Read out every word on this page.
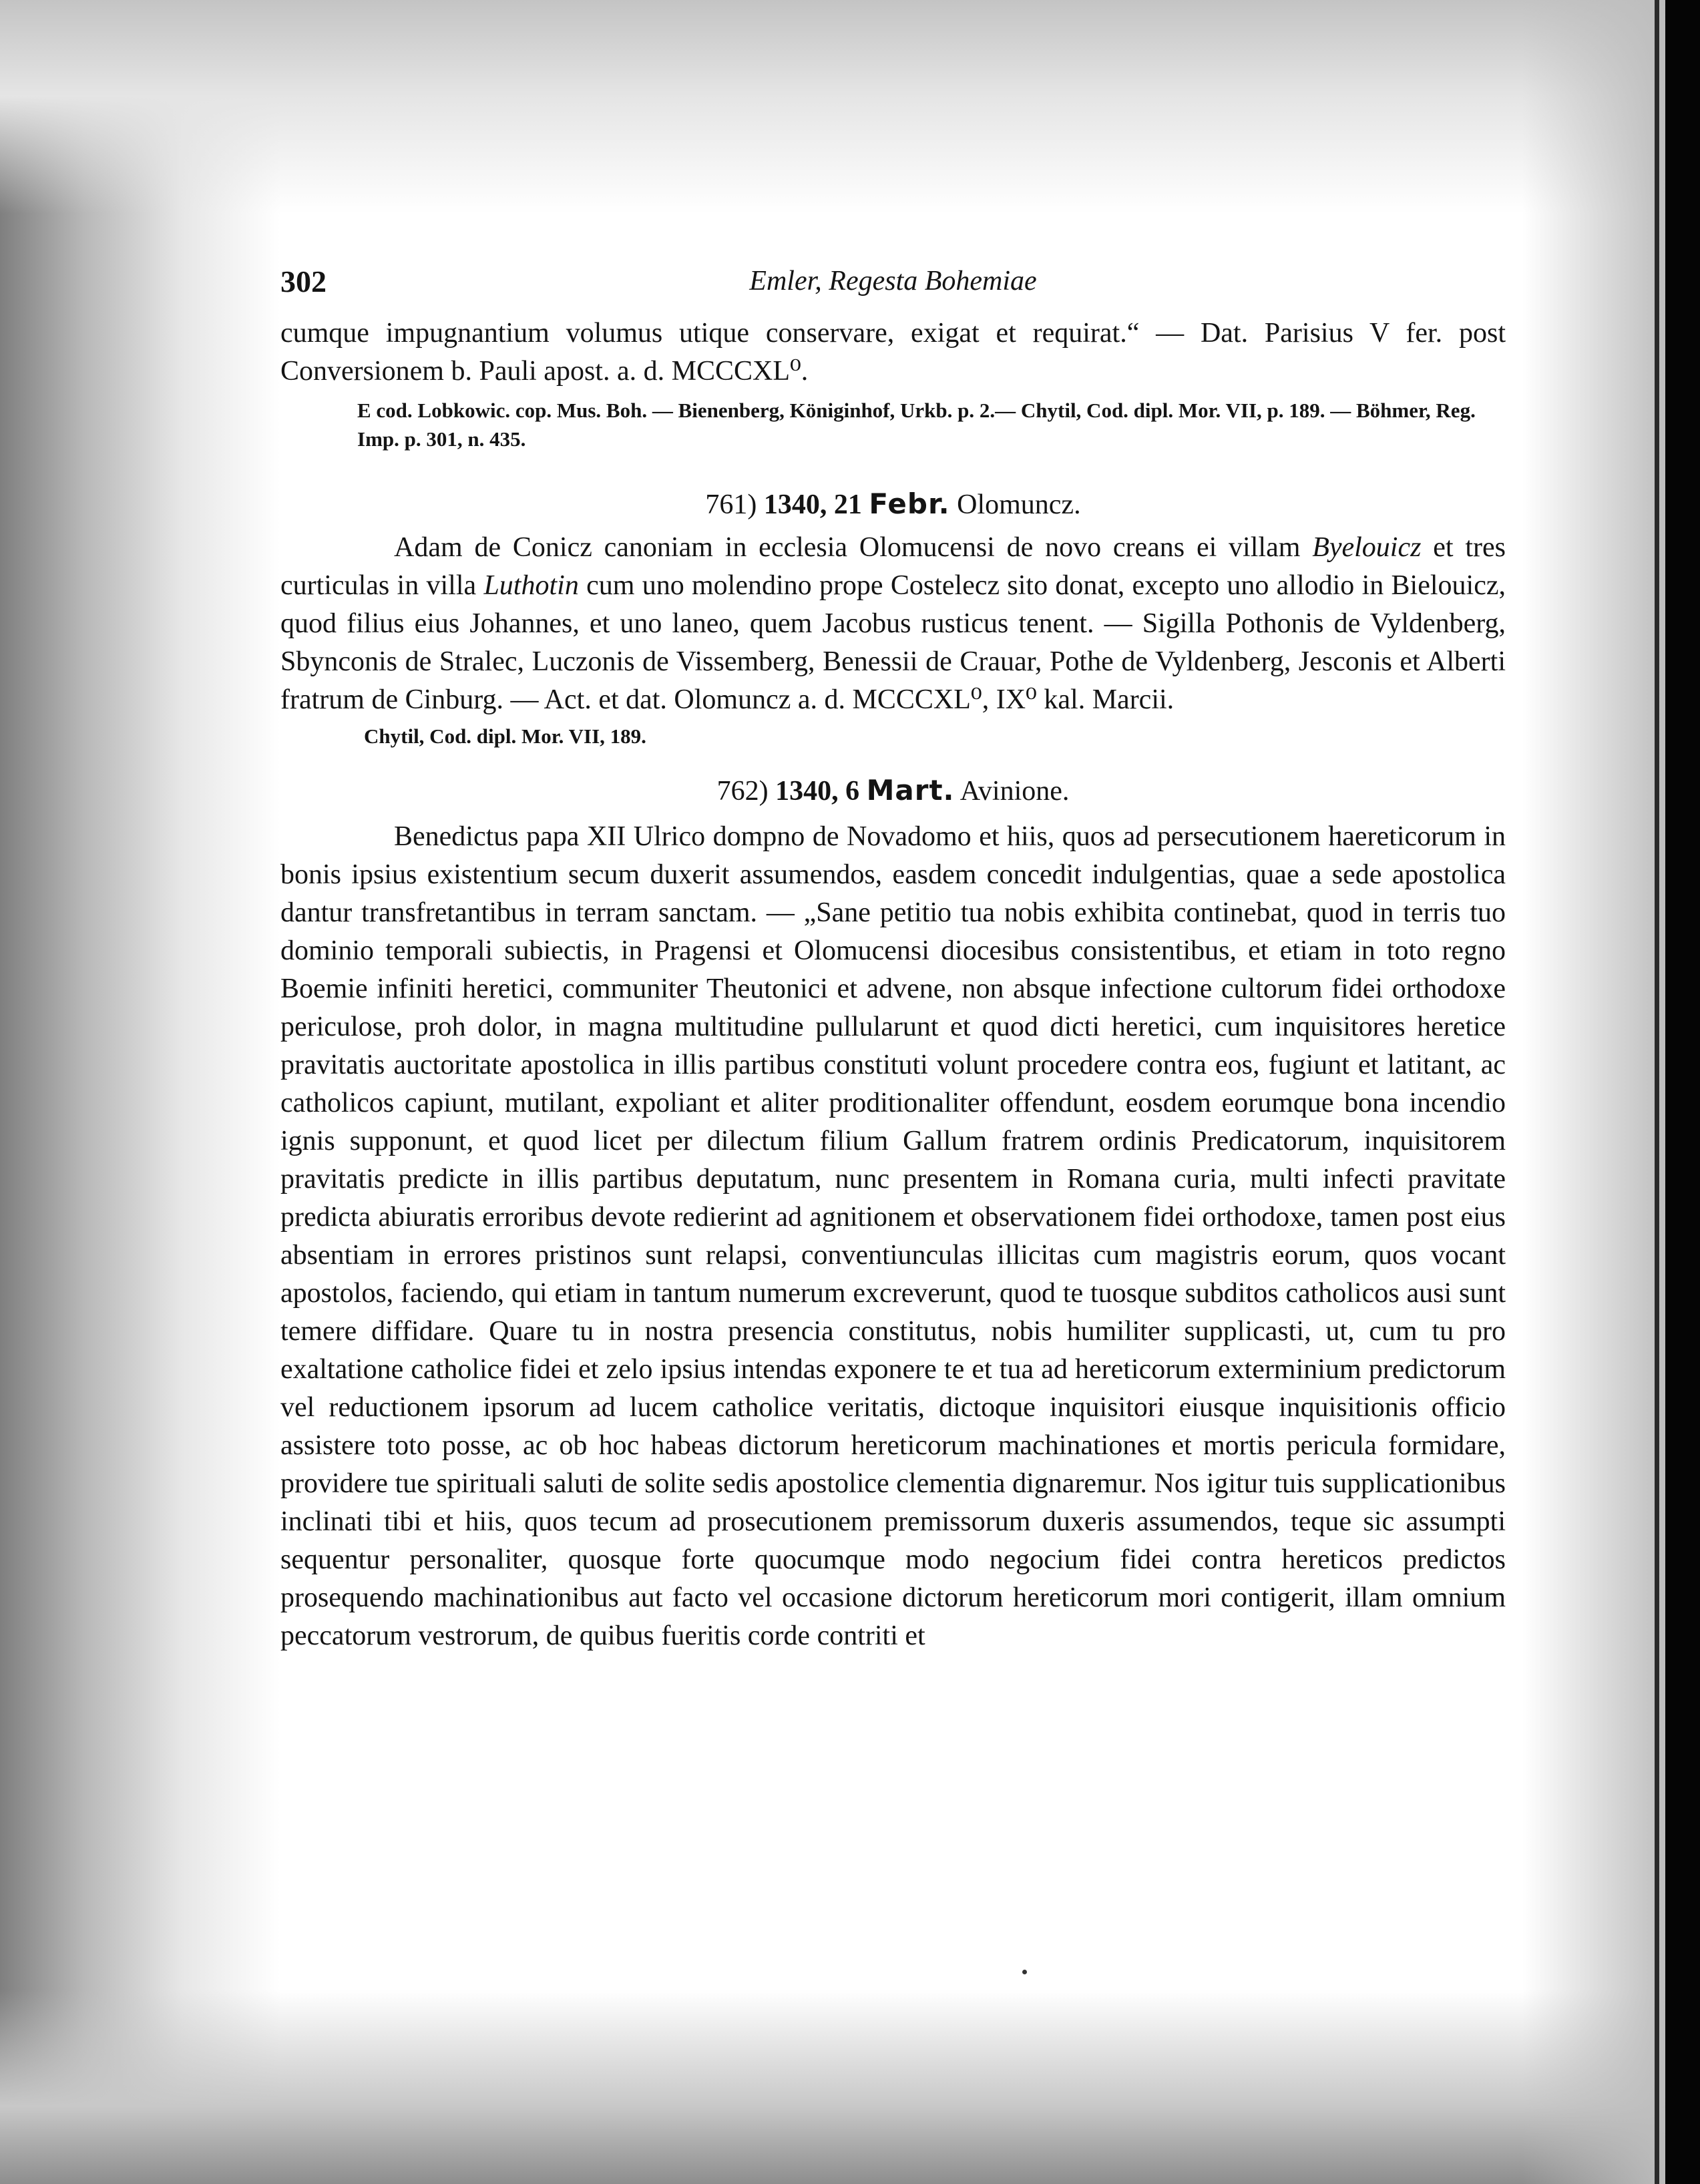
302	Emler, Regesta Bohemiae

cumque impugnantium volumus utique conservare, exigat et requirat.“ — Dat. Parisius V fer. post Conversionem b. Pauli apost. a. d. MCCCXL⁰.

E cod. Lobkowic. cop. Mus. Boh. — Bienenberg, Königinhof, Urkb. p. 2.— Chytil, Cod. dipl. Mor. VII, p. 189. — Böhmer, Reg. Imp. p. 301, n. 435.

761) 1340, 21 Febr. Olomuncz.

Adam de Conicz canoniam in ecclesia Olomucensi de novo creans ei villam Byelouicz et tres curticulas in villa Luthotin cum uno molendino prope Costelecz sito donat, excepto uno allodio in Bielouicz, quod filius eius Johannes, et uno laneo, quem Jacobus rusticus tenent. — Sigilla Pothonis de Vyldenberg, Sbynconis de Stralec, Luczonis de Vissemberg, Benessii de Crauar, Pothe de Vyldenberg, Jesconis et Alberti fratrum de Cinburg. — Act. et dat. Olomuncz a. d. MCCCXL⁰, IX⁰ kal. Marcii.

Chytil, Cod. dipl. Mor. VII, 189.

762) 1340, 6 Mart. Avinione.

Benedictus papa XII Ulrico dompno de Novadomo et hiis, quos ad persecutionem haereticorum in bonis ipsius existentium secum duxerit assumendos, easdem concedit indulgentias, quae a sede apostolica dantur transfretantibus in terram sanctam. — „Sane petitio tua nobis exhibita continebat, quod in terris tuo dominio temporali subiectis, in Pragensi et Olomucensi diocesibus consistentibus, et etiam in toto regno Boemie infiniti heretici, communiter Theutonici et advene, non absque infectione cultorum fidei orthodoxe periculose, proh dolor, in magna multitudine pullularunt et quod dicti heretici, cum inquisitores heretice pravitatis auctoritate apostolica in illis partibus constituti volunt procedere contra eos, fugiunt et latitant, ac catholicos capiunt, mutilant, expoliant et aliter proditionaliter offendunt, eosdem eorumque bona incendio ignis supponunt, et quod licet per dilectum filium Gallum fratrem ordinis Predicatorum, inquisitorem pravitatis predicte in illis partibus deputatum, nunc presentem in Romana curia, multi infecti pravitate predicta abiuratis erroribus devote redierint ad agnitionem et observationem fidei orthodoxe, tamen post eius absentiam in errores pristinos sunt relapsi, conventiunculas illicitas cum magistris eorum, quos vocant apostolos, faciendo, qui etiam in tantum numerum excreverunt, quod te tuosque subditos catholicos ausi sunt temere diffidare. Quare tu in nostra presencia constitutus, nobis humiliter supplicasti, ut, cum tu pro exaltatione catholice fidei et zelo ipsius intendas exponere te et tua ad hereticorum exterminium predictorum vel reductionem ipsorum ad lucem catholice veritatis, dictoque inquisitori eiusque inquisitionis officio assistere toto posse, ac ob hoc habeas dictorum hereticorum machinationes et mortis pericula formidare, providere tue spirituali saluti de solite sedis apostolice clementia dignaremur. Nos igitur tuis supplicationibus inclinati tibi et hiis, quos tecum ad prosecutionem premissorum duxeris assumendos, teque sic assumpti sequentur personaliter, quosque forte quocumque modo negocium fidei contra hereticos predictos prosequendo machinationibus aut facto vel occasione dictorum hereticorum mori contigerit, illam omnium peccatorum vestrorum, de quibus fueritis corde contriti et
